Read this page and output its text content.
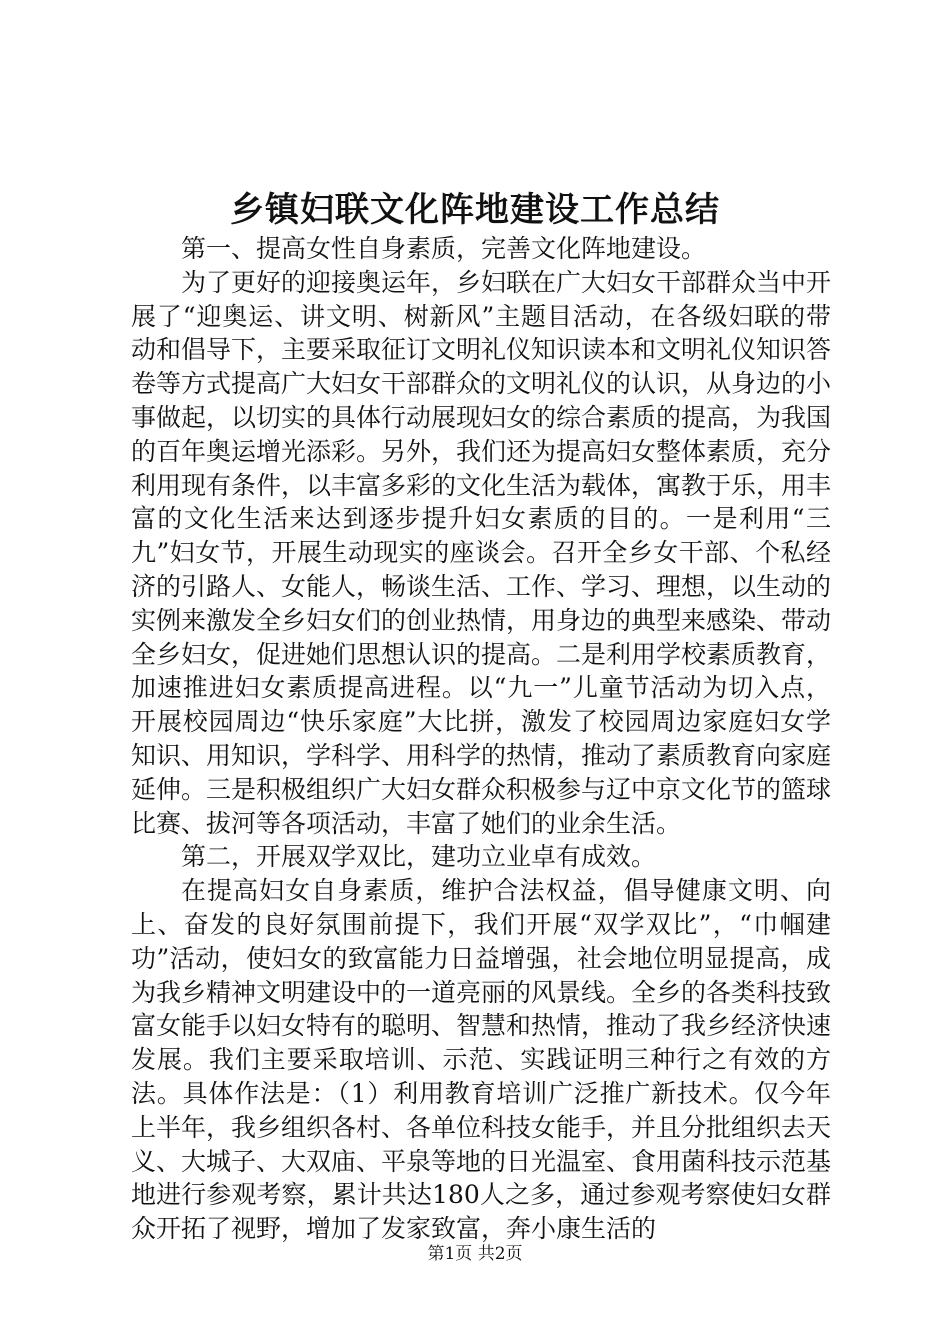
乡镇妇联文化阵地建设工作总结

第一、提高女性自身素质，完善文化阵地建设。

为了更好的迎接奥运年，乡妇联在广大妇女干部群众当中开展了“迎奥运、讲文明、树新风”主题目活动，在各级妇联的带动和倡导下，主要采取征订文明礼仪知识读本和文明礼仪知识答卷等方式提高广大妇女干部群众的文明礼仪的认识，从身边的小事做起，以切实的具体行动展现妇女的综合素质的提高，为我国的百年奥运增光添彩。另外，我们还为提高妇女整体素质，充分利用现有条件，以丰富多彩的文化生活为载体，寓教于乐，用丰富的文化生活来达到逐步提升妇女素质的目的。一是利用“三九”妇女节，开展生动现实的座谈会。召开全乡女干部、个私经济的引路人、女能人，畅谈生活、工作、学习、理想，以生动的实例来激发全乡妇女们的创业热情，用身边的典型来感染、带动全乡妇女，促进她们思想认识的提高。二是利用学校素质教育，加速推进妇女素质提高进程。以“九一”儿童节活动为切入点，开展校园周边“快乐家庭”大比拼，激发了校园周边家庭妇女学知识、用知识，学科学、用科学的热情，推动了素质教育向家庭延伸。三是积极组织广大妇女群众积极参与辽中京文化节的篮球比赛、拔河等各项活动，丰富了她们的业余生活。

第二，开展双学双比，建功立业卓有成效。

在提高妇女自身素质，维护合法权益，倡导健康文明、向上、奋发的良好氛围前提下，我们开展“双学双比”，“巾帼建功”活动，使妇女的致富能力日益增强，社会地位明显提高，成为我乡精神文明建设中的一道亮丽的风景线。全乡的各类科技致富女能手以妇女特有的聪明、智慧和热情，推动了我乡经济快速发展。我们主要采取培训、示范、实践证明三种行之有效的方法。具体作法是：（1）利用教育培训广泛推广新技术。仅今年上半年，我乡组织各村、各单位科技女能手，并且分批组织去天义、大城子、大双庙、平泉等地的日光温室、食用菌科技示范基地进行参观考察，累计共达180人之多，通过参观考察使妇女群众开拓了视野，增加了发家致富，奔小康生活的

第1页 共2页
